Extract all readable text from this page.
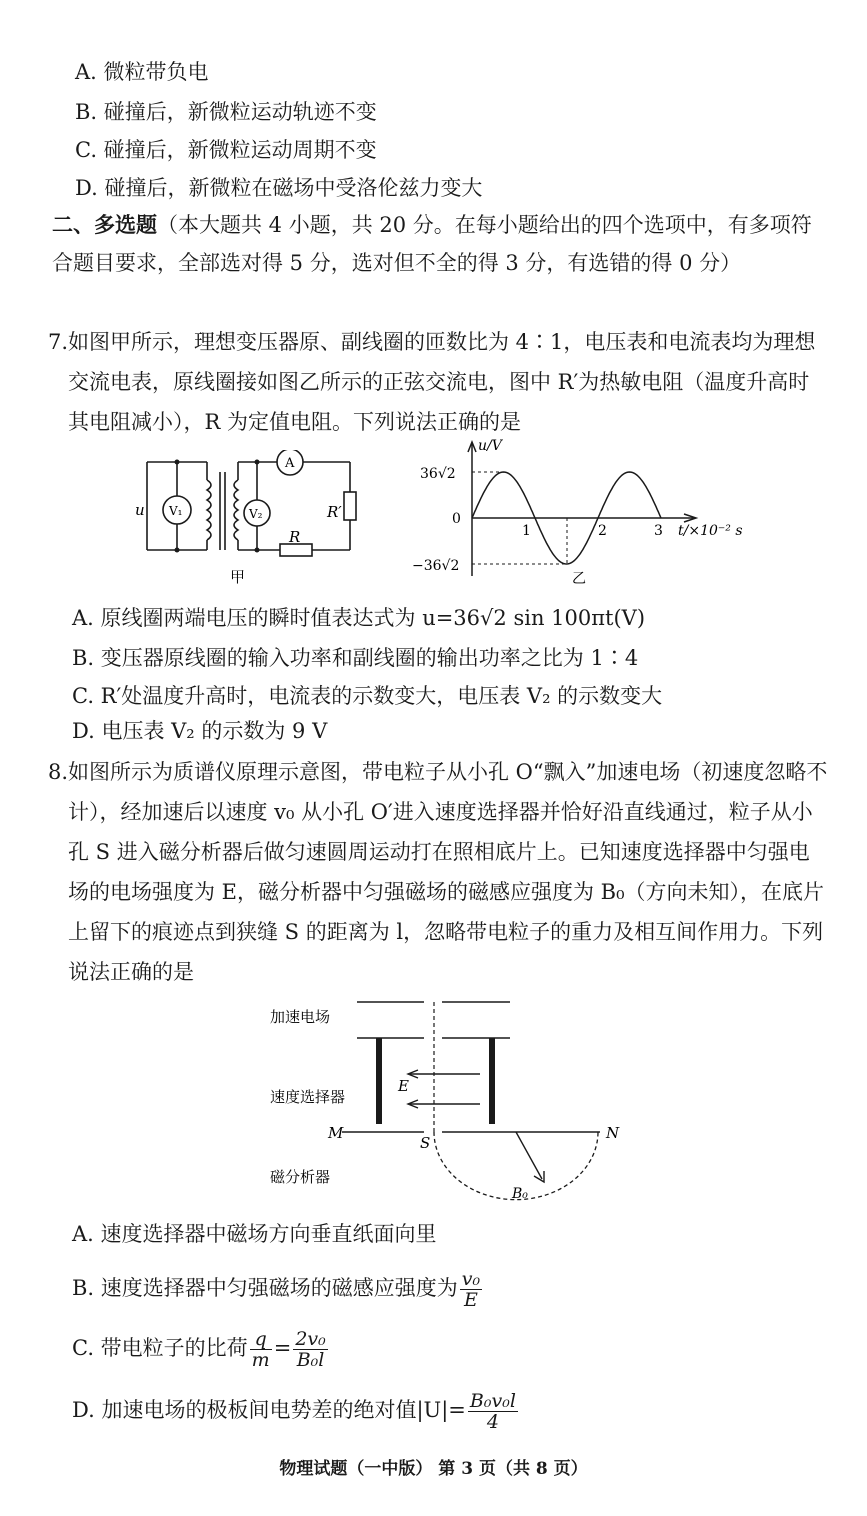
A. 微粒带负电
B. 碰撞后，新微粒运动轨迹不变
C. 碰撞后，新微粒运动周期不变
D. 碰撞后，新微粒在磁场中受洛伦兹力变大
二、多选题（本大题共 4 小题，共 20 分。在每小题给出的四个选项中，有多项符合题目要求，全部选对得 5 分，选对但不全的得 3 分，有选错的得 0 分）
7. 如图甲所示，理想变压器原、副线圈的匝数比为 4∶1，电压表和电流表均为理想交流电表，原线圈接如图乙所示的正弦交流电，图中 R′为热敏电阻（温度升高时其电阻减小），R 为定值电阻。下列说法正确的是
u V₁	V₂
A
R′
R
甲
u/V
36√2
0
−36√2
1	2	3 t/×10⁻² s
乙
A. 原线圈两端电压的瞬时值表达式为 u=36√2 sin 100πt(V)
B. 变压器原线圈的输入功率和副线圈的输出功率之比为 1∶4
C. R′处温度升高时，电流表的示数变大，电压表 V₂ 的示数变大
D. 电压表 V₂ 的示数为 9 V
8. 如图所示为质谱仪原理示意图，带电粒子从小孔 O“飘入”加速电场（初速度忽略不计），经加速后以速度 v₀ 从小孔 O′进入速度选择器并恰好沿直线通过，粒子从小孔 S 进入磁分析器后做匀速圆周运动打在照相底片上。已知速度选择器中匀强电场的电场强度为 E，磁分析器中匀强磁场的磁感应强度为 B₀（方向未知），在底片上留下的痕迹点到狭缝 S 的距离为 l，忽略带电粒子的重力及相互间作用力。下列说法正确的是
加速电场
速度选择器
磁分析器
E
M	N
S
B₀
A. 速度选择器中磁场方向垂直纸面向里
B. 速度选择器中匀强磁场的磁感应强度为 $\frac{\text{v₀}}{E}$
C. 带电粒子的比荷 $\frac{q}{m} = \frac{\text{2v₀}}{\text{B₀l}}$
D. 加速电场的极板间电势差的绝对值$|U|= \frac{\text{B₀v₀l}}{4}$
物理试题（一中版） 第 3 页（共 8 页）
